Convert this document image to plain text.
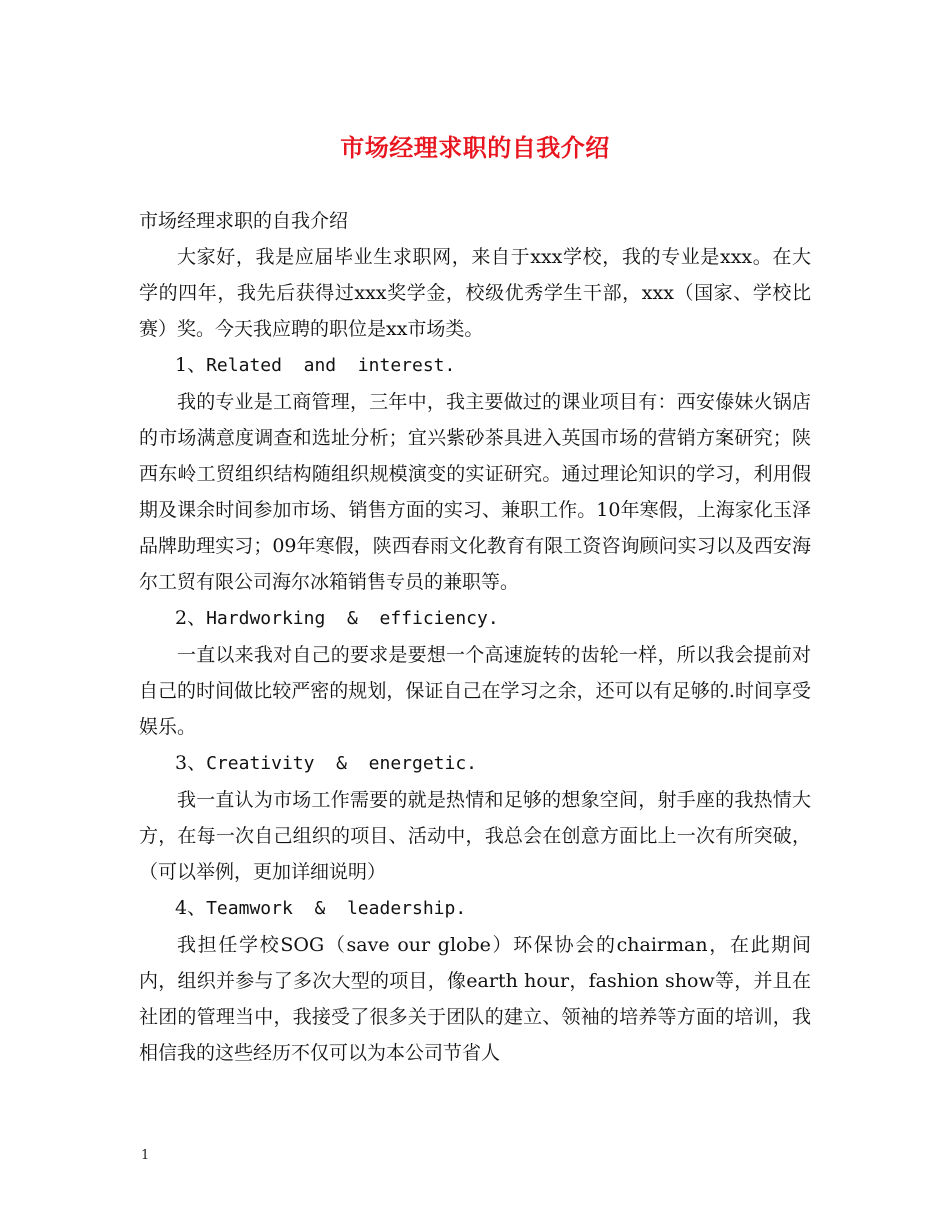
市场经理求职的自我介绍

市场经理求职的自我介绍

大家好，我是应届毕业生求职网，来自于xxx学校，我的专业是xxx。在大学的四年，我先后获得过xxx奖学金，校级优秀学生干部，xxx（国家、学校比赛）奖。今天我应聘的职位是xx市场类。

1、Related  and  interest.

我的专业是工商管理，三年中，我主要做过的课业项目有：西安傣妹火锅店的市场满意度调查和选址分析；宜兴紫砂茶具进入英国市场的营销方案研究；陕西东岭工贸组织结构随组织规模演变的实证研究。通过理论知识的学习，利用假期及课余时间参加市场、销售方面的实习、兼职工作。10年寒假，上海家化玉泽品牌助理实习；09年寒假，陕西春雨文化教育有限工资咨询顾问实习以及西安海尔工贸有限公司海尔冰箱销售专员的兼职等。

2、Hardworking  &  efficiency.

一直以来我对自己的要求是要想一个高速旋转的齿轮一样，所以我会提前对自己的时间做比较严密的规划，保证自己在学习之余，还可以有足够的.时间享受娱乐。

3、Creativity  &  energetic.

我一直认为市场工作需要的就是热情和足够的想象空间，射手座的我热情大方，在每一次自己组织的项目、活动中，我总会在创意方面比上一次有所突破，（可以举例，更加详细说明）

4、Teamwork  &  leadership.

我担任学校SOG（save our globe）环保协会的chairman，在此期间内，组织并参与了多次大型的项目，像earth hour，fashion show等，并且在社团的管理当中，我接受了很多关于团队的建立、领袖的培养等方面的培训，我相信我的这些经历不仅可以为本公司节省人

1
